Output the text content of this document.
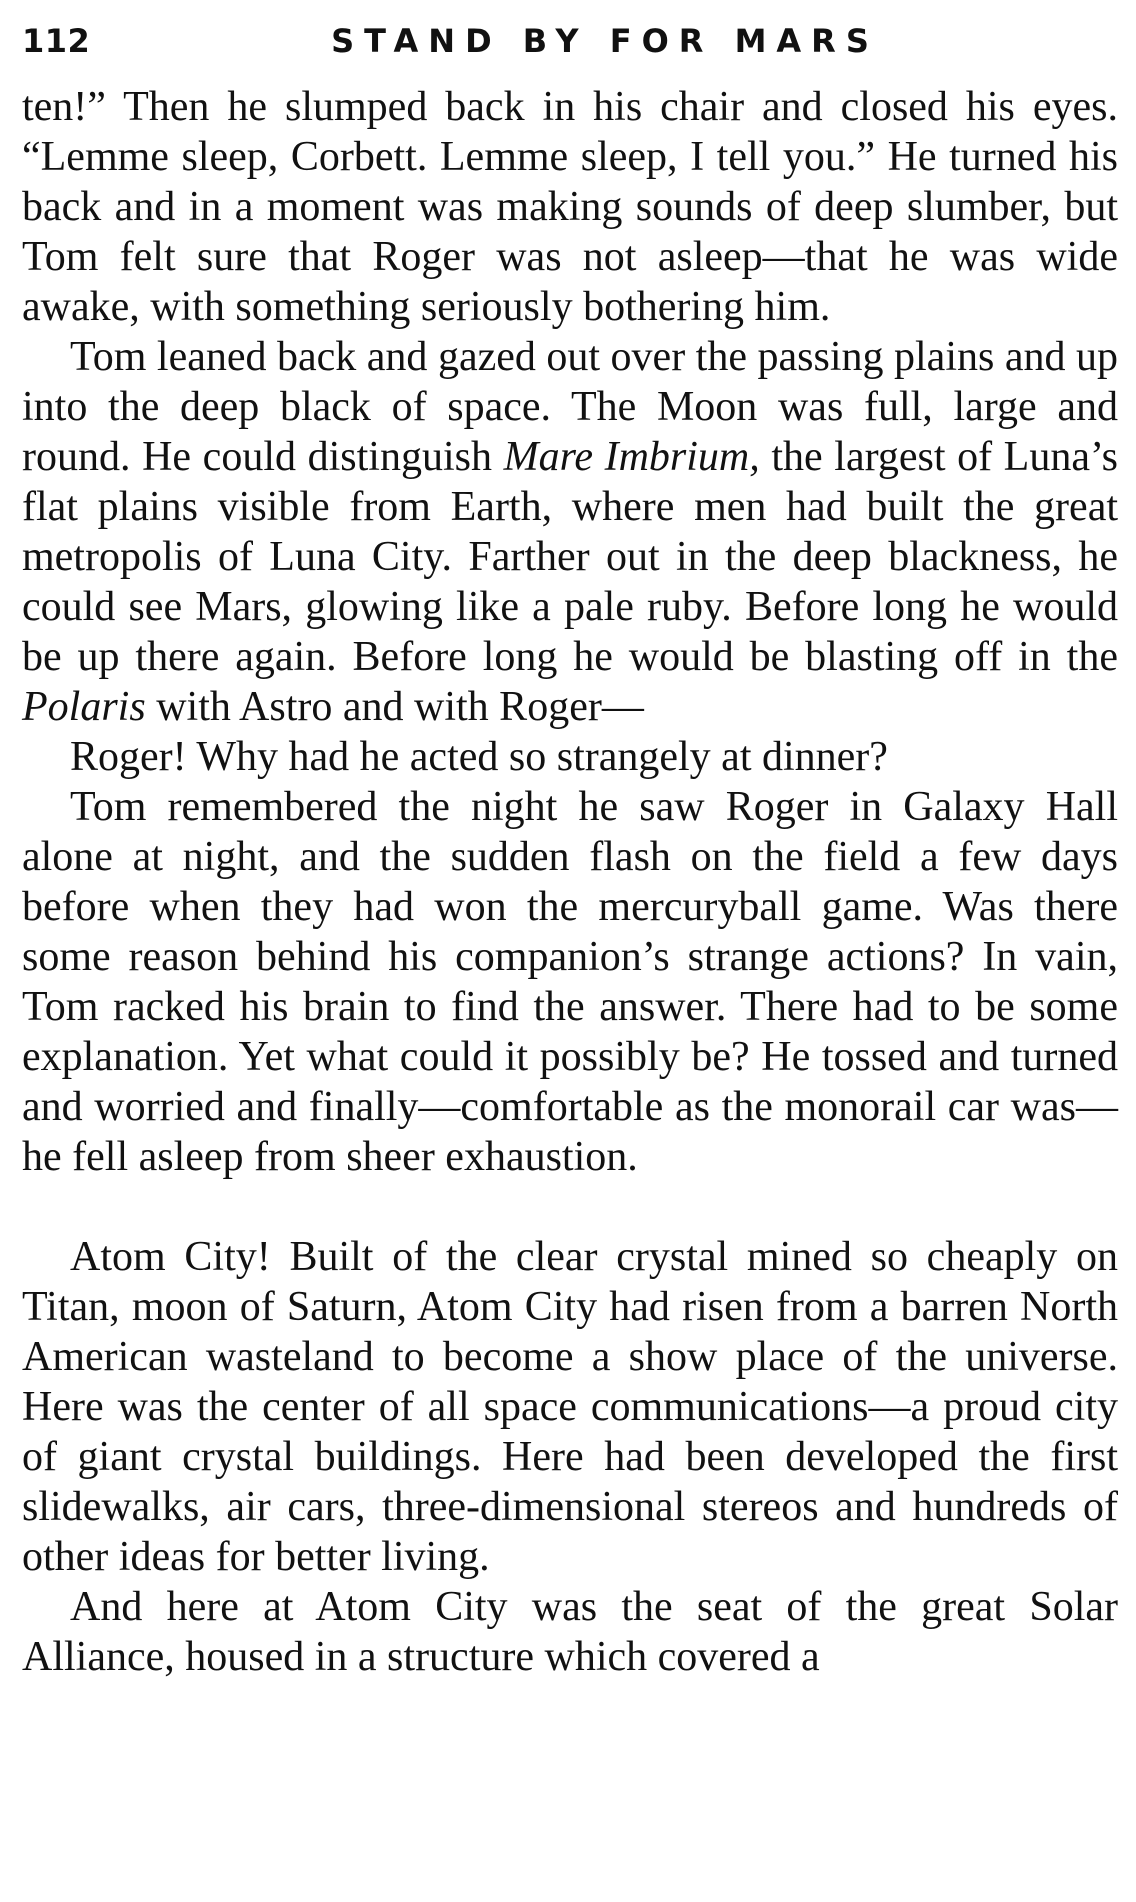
112	STAND BY FOR MARS

ten!” Then he slumped back in his chair and closed his eyes. “Lemme sleep, Corbett. Lemme sleep, I tell you.” He turned his back and in a moment was making sounds of deep slumber, but Tom felt sure that Roger was not asleep—that he was wide awake, with something seriously bothering him.

Tom leaned back and gazed out over the passing plains and up into the deep black of space. The Moon was full, large and round. He could distinguish Mare Imbrium, the largest of Luna’s flat plains visible from Earth, where men had built the great metropolis of Luna City. Farther out in the deep blackness, he could see Mars, glowing like a pale ruby. Before long he would be up there again. Before long he would be blasting off in the Polaris with Astro and with Roger—

Roger! Why had he acted so strangely at dinner?

Tom remembered the night he saw Roger in Galaxy Hall alone at night, and the sudden flash on the field a few days before when they had won the mercuryball game. Was there some reason behind his companion’s strange actions? In vain, Tom racked his brain to find the answer. There had to be some explanation. Yet what could it possibly be? He tossed and turned and worried and finally—comfortable as the monorail car was—he fell asleep from sheer exhaustion.

Atom City! Built of the clear crystal mined so cheaply on Titan, moon of Saturn, Atom City had risen from a barren North American wasteland to become a show place of the universe. Here was the center of all space communications—a proud city of giant crystal buildings. Here had been developed the first slidewalks, air cars, three-dimensional stereos and hundreds of other ideas for better living.

And here at Atom City was the seat of the great Solar Alliance, housed in a structure which covered a
